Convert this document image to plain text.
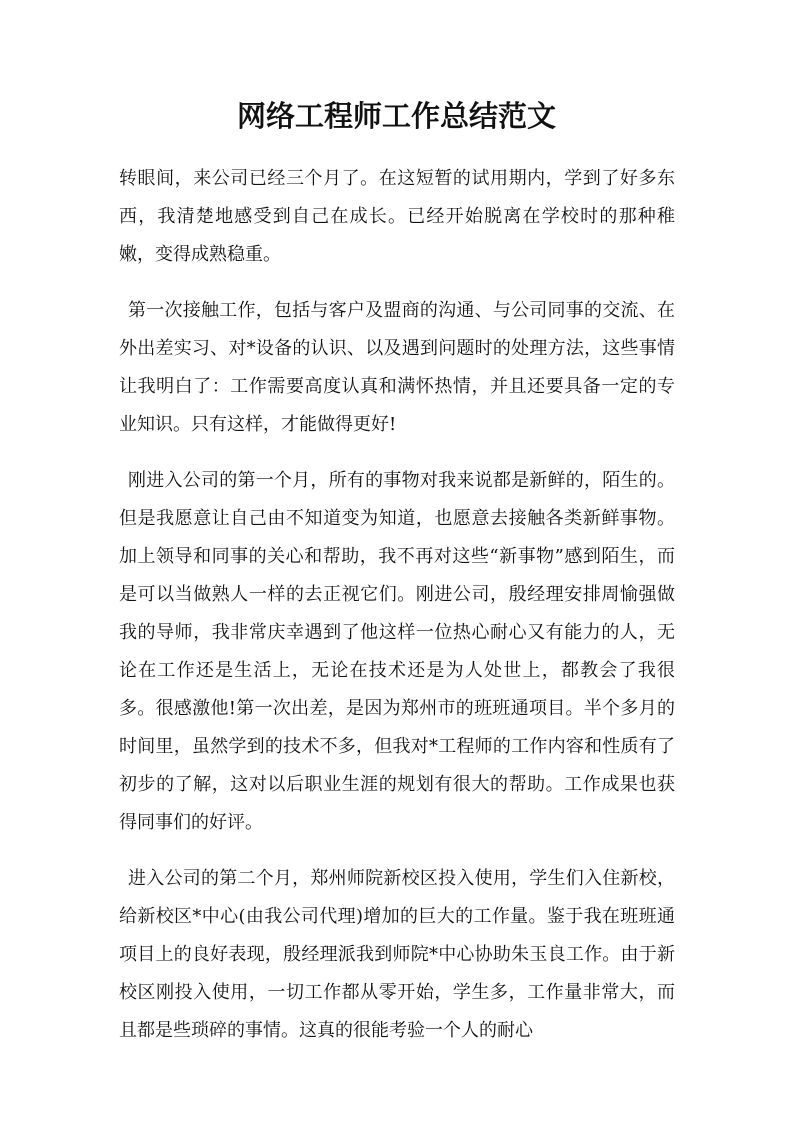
网络工程师工作总结范文

转眼间，来公司已经三个月了。在这短暂的试用期内，学到了好多东西，我清楚地感受到自己在成长。已经开始脱离在学校时的那种稚嫩，变得成熟稳重。

第一次接触工作，包括与客户及盟商的沟通、与公司同事的交流、在外出差实习、对*设备的认识、以及遇到问题时的处理方法，这些事情让我明白了：工作需要高度认真和满怀热情，并且还要具备一定的专业知识。只有这样，才能做得更好!

刚进入公司的第一个月，所有的事物对我来说都是新鲜的，陌生的。但是我愿意让自己由不知道变为知道，也愿意去接触各类新鲜事物。加上领导和同事的关心和帮助，我不再对这些“新事物”感到陌生，而是可以当做熟人一样的去正视它们。刚进公司，殷经理安排周愉强做我的导师，我非常庆幸遇到了他这样一位热心耐心又有能力的人，无论在工作还是生活上，无论在技术还是为人处世上，都教会了我很多。很感激他!第一次出差，是因为郑州市的班班通项目。半个多月的时间里，虽然学到的技术不多，但我对*工程师的工作内容和性质有了初步的了解，这对以后职业生涯的规划有很大的帮助。工作成果也获得同事们的好评。

进入公司的第二个月，郑州师院新校区投入使用，学生们入住新校，给新校区*中心(由我公司代理)增加的巨大的工作量。鉴于我在班班通项目上的良好表现，殷经理派我到师院*中心协助朱玉良工作。由于新校区刚投入使用，一切工作都从零开始，学生多，工作量非常大，而且都是些琐碎的事情。这真的很能考验一个人的耐心
